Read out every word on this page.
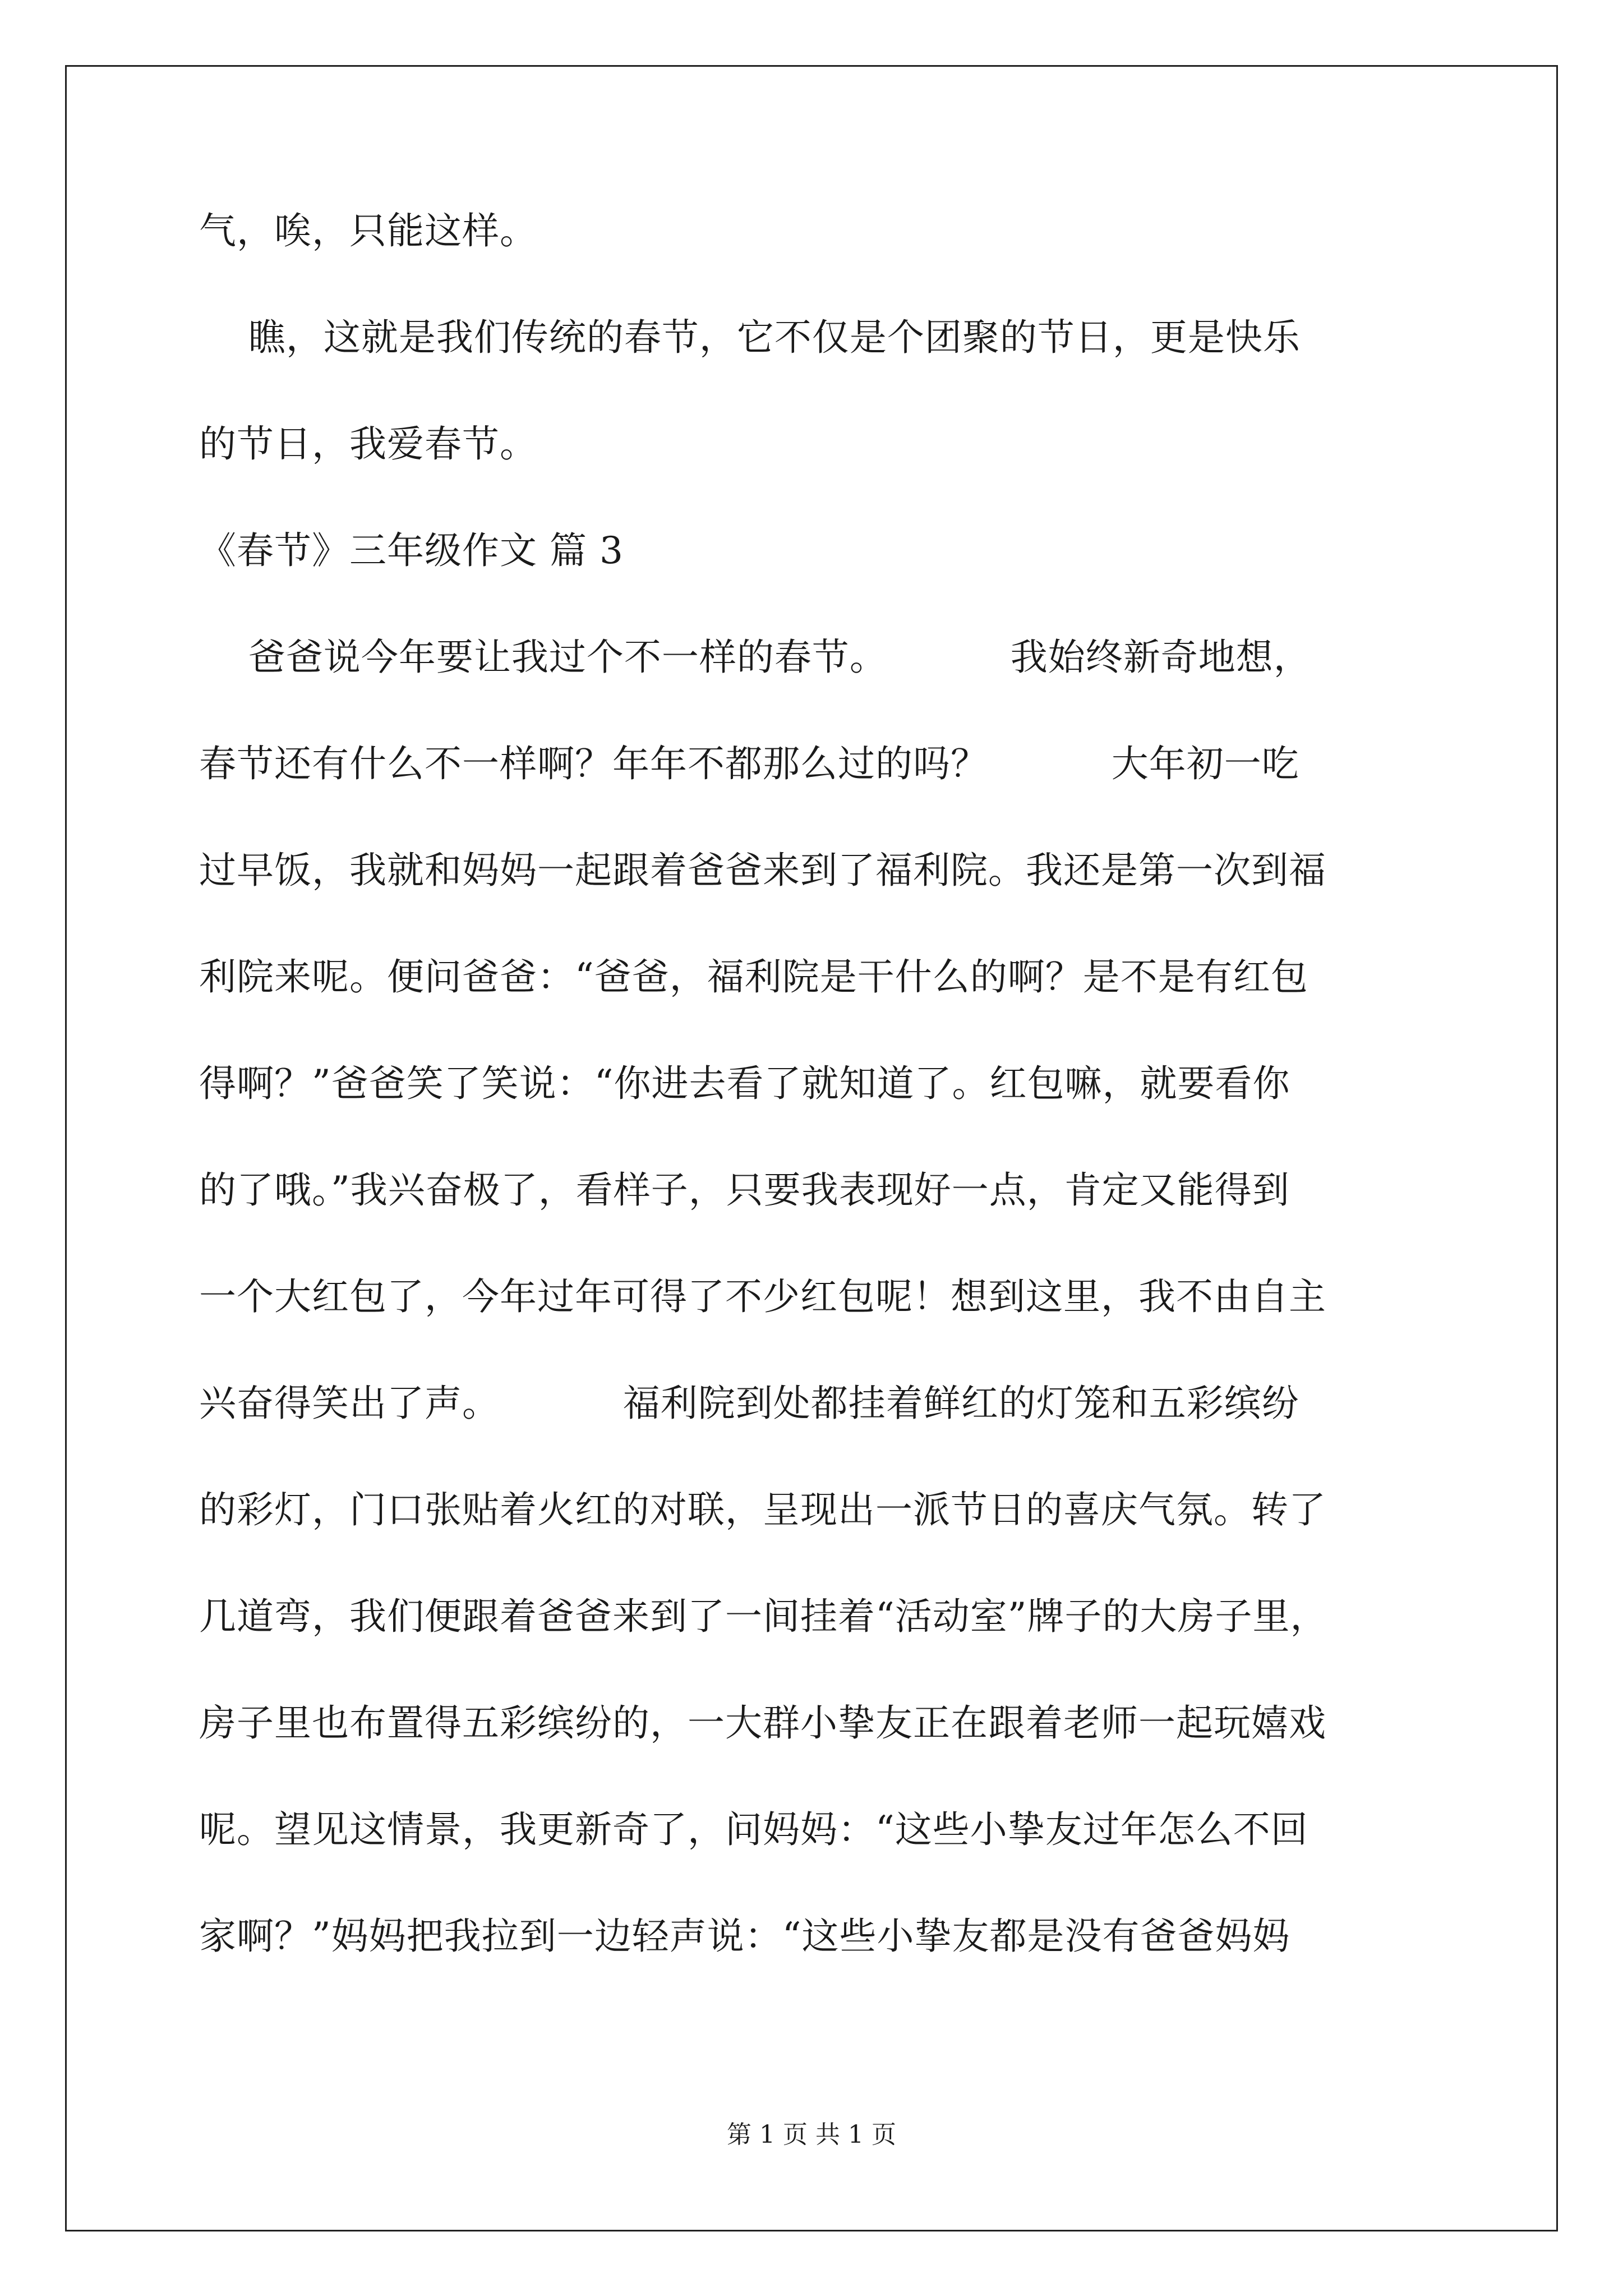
气，唉，只能这样。
瞧，这就是我们传统的春节，它不仅是个团聚的节日，更是快乐
的节日，我爱春节。
《春节》三年级作文 篇 3
爸爸说今年要让我过个不一样的春节。          我始终新奇地想，
春节还有什么不一样啊？年年不都那么过的吗？          大年初一吃
过早饭，我就和妈妈一起跟着爸爸来到了福利院。我还是第一次到福
利院来呢。便问爸爸：“爸爸，福利院是干什么的啊？是不是有红包
得啊？”爸爸笑了笑说：“你进去看了就知道了。红包嘛，就要看你
的了哦。”我兴奋极了，看样子，只要我表现好一点，肯定又能得到
一个大红包了，今年过年可得了不少红包呢！想到这里，我不由自主
兴奋得笑出了声。          福利院到处都挂着鲜红的灯笼和五彩缤纷
的彩灯，门口张贴着火红的对联，呈现出一派节日的喜庆气氛。转了
几道弯，我们便跟着爸爸来到了一间挂着“活动室”牌子的大房子里，
房子里也布置得五彩缤纷的，一大群小挚友正在跟着老师一起玩嬉戏
呢。望见这情景，我更新奇了，问妈妈：“这些小挚友过年怎么不回
家啊？”妈妈把我拉到一边轻声说：“这些小挚友都是没有爸爸妈妈
第 1 页 共 1 页
